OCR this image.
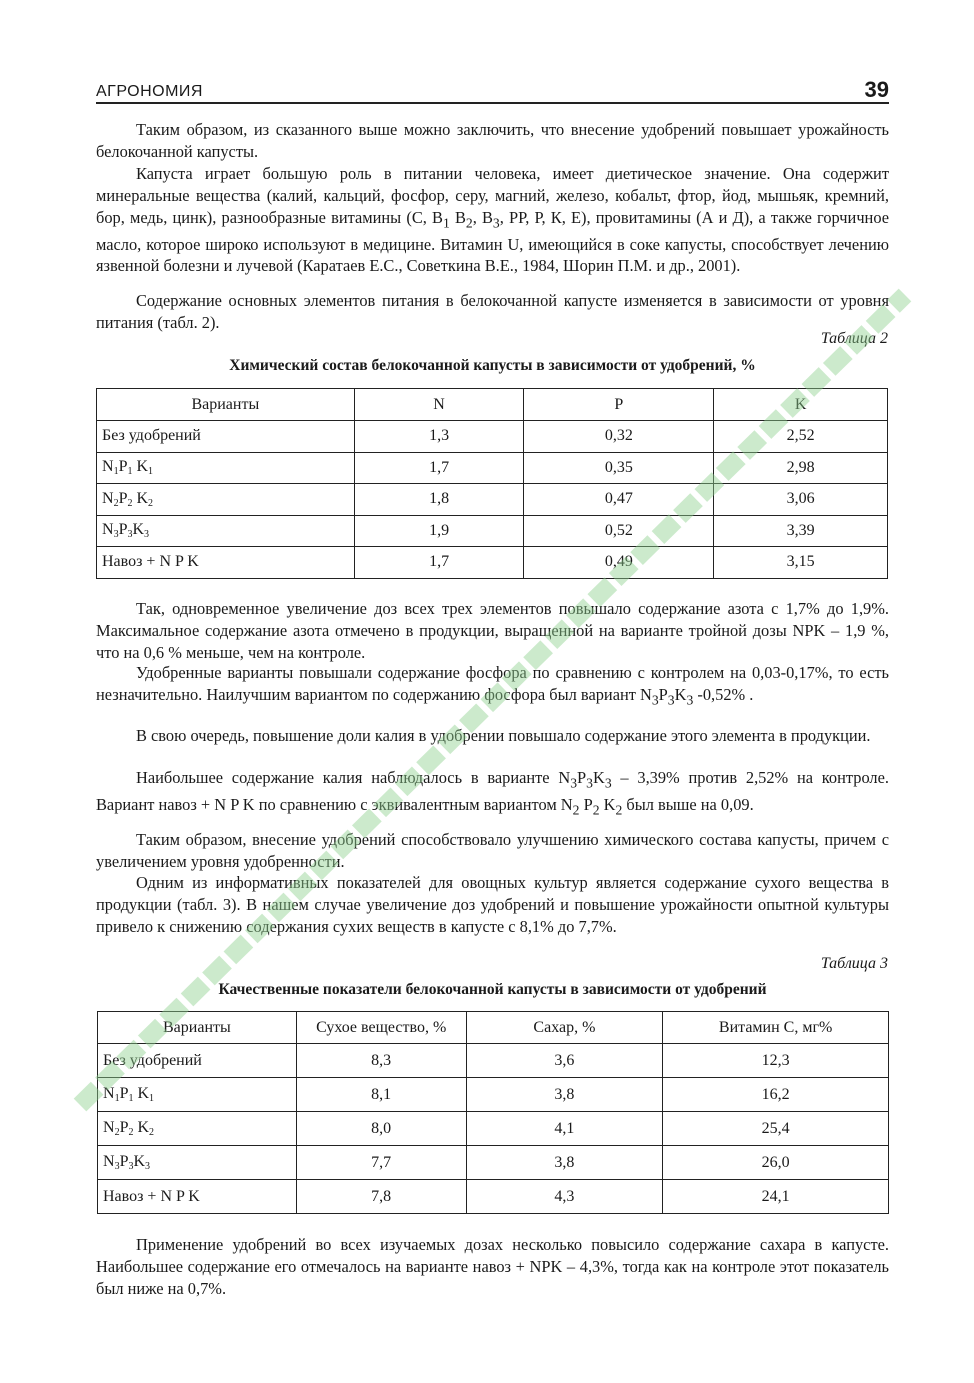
АГРОНОМИЯ	39

Таким образом, из сказанного выше можно заключить, что внесение удобрений повышает урожайность белокочанной капусты.

Капуста играет большую роль в питании человека, имеет диетическое значение. Она содержит минеральные вещества (калий, кальций, фосфор, серу, магний, железо, кобальт, фтор, йод, мышьяк, кремний, бор, медь, цинк), разнообразные витамины (С, $В_1$ $В_2$, $В_3$, РР, Р, К, Е), провитамины (А и Д), а также горчичное масло, которое широко используют в медицине. Витамин U, имеющийся в соке капусты, способствует лечению язвенной болезни и лучевой (Каратаев Е.С., Советкина В.Е., 1984, Шорин П.М. и др., 2001).

Содержание основных элементов питания в белокочанной капусте изменяется в зависимости от уровня питания (табл. 2).

Таблица 2
Химический состав белокочанной капусты в зависимости от удобрений, %
Варианты	N	P	K
Без удобрений	1,3	0,32	2,52
$N_1P_1$ $K_1$	1,7	0,35	2,98
$N_2P_2$ $K_2$	1,8	0,47	3,06
$N_3P_3K_3$	1,9	0,52	3,39
Навоз + N P K	1,7	0,49	3,15

Так, одновременное увеличение доз всех трех элементов повышало содержание азота с 1,7% до 1,9%. Максимальное содержание азота отмечено в продукции, выращенной на варианте тройной дозы NPK – 1,9 %, что на 0,6 % меньше, чем на контроле.

Удобренные варианты повышали содержание фосфора по сравнению с контролем на 0,03-0,17%, то есть незначительно. Наилучшим вариантом по содержанию фосфора был вариант $N_3P_3K_3$ -0,52% .

В свою очередь, повышение доли калия в удобрении повышало содержание этого элемента в продукции.

Наибольшее содержание калия наблюдалось в варианте $N_3P_3K_3 - 3,39\%$ против 2,52% на контроле. Вариант навоз + N P K по сравнению с эквивалентным вариантом $N_2$ $P_2$ $K_2$ был выше на 0,09.

Таким образом, внесение удобрений способствовало улучшению химического состава капусты, причем с увеличением уровня удобренности.

Одним из информативных показателей для овощных культур является содержание сухого вещества в продукции (табл. 3). В нашем случае увеличение доз удобрений и повышение урожайности опытной культуры привело к снижению содержания сухих веществ в капусте с 8,1% до 7,7%.

Таблица 3
Качественные показатели белокочанной капусты в зависимости от удобрений
Варианты	Сухое вещество, %	Сахар, %	Витамин С, мг%
Без удобрений	8,3	3,6	12,3
$N_1P_1$ $K_1$	8,1	3,8	16,2
$N_2P_2$ $K_2$	8,0	4,1	25,4
$N_3P_3K_3$	7,7	3,8	26,0
Навоз + N P K	7,8	4,3	24,1

Применение удобрений во всех изучаемых дозах несколько повысило содержание сахара в капусте. Наибольшее содержание его отмечалось на варианте навоз + NPK – 4,3%, тогда как на контроле этот показатель был ниже на 0,7%.
